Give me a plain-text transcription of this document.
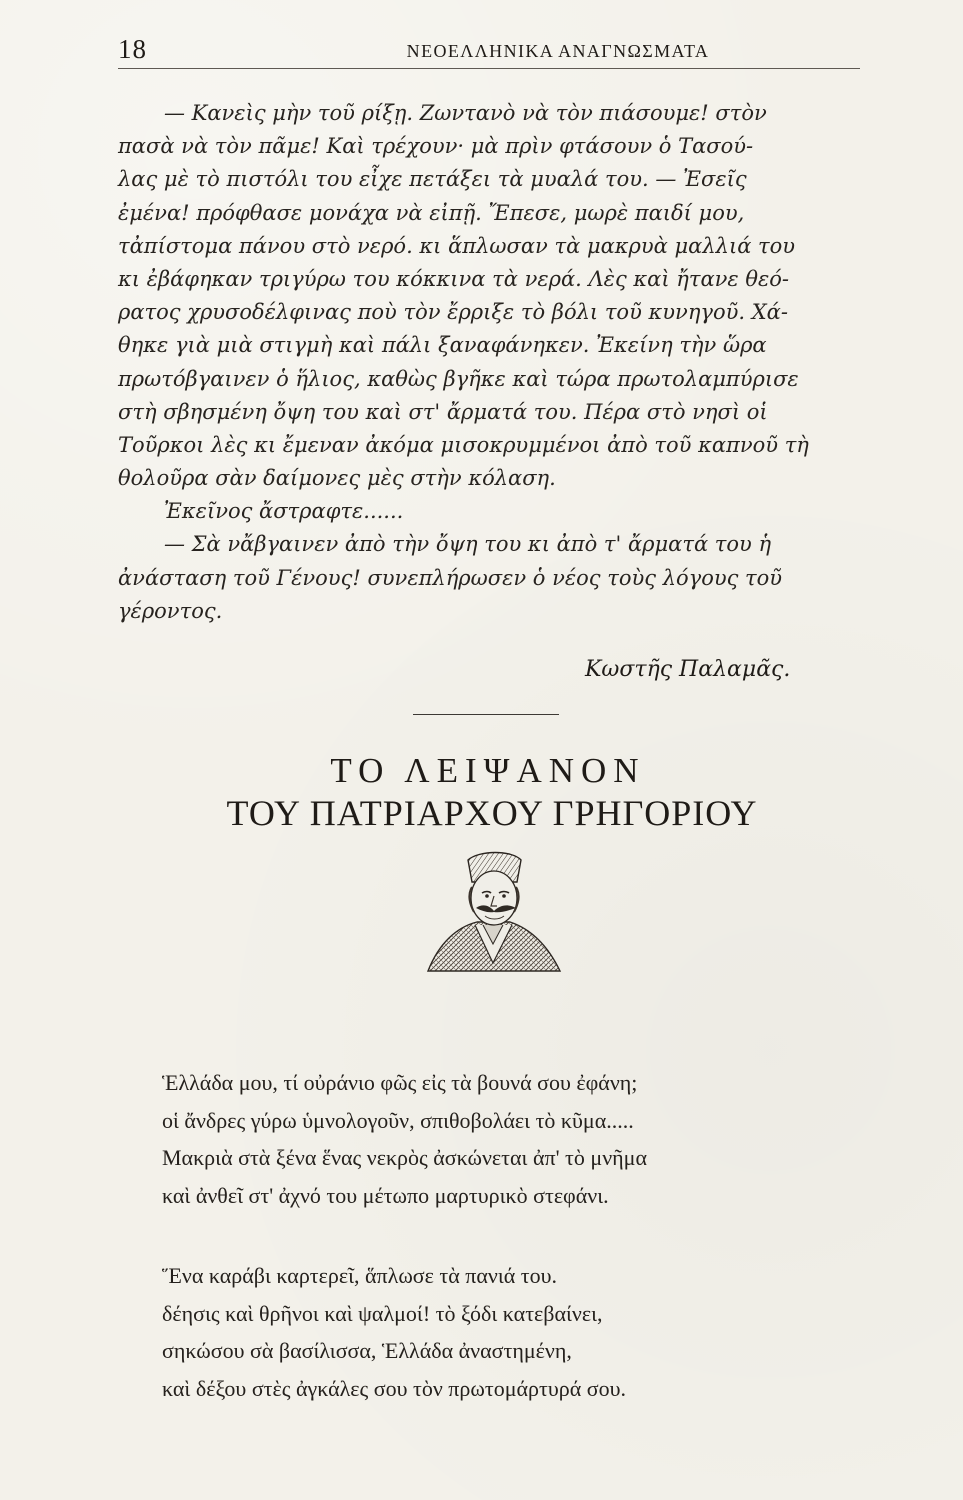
18	ΝΕΟΕΛΛΗΝΙΚΑ ΑΝΑΓΝΩΣΜΑΤΑ
— Κανεὶς μὴν τοῦ ρίξῃ. Ζωντανὸ νὰ τὸν πιάσουμε! στὸν
πασὰ νὰ τὸν πᾶμε! Καὶ τρέχουν· μὰ πρὶν φτάσουν ὁ Τασού-
λας μὲ τὸ πιστόλι του εἶχε πετάξει τὰ μυαλά του. — Ἐσεῖς
ἐμένα! πρόφθασε μονάχα νὰ εἰπῇ. Ἔπεσε, μωρὲ παιδί μου,
τἀπίστομα πάνου στὸ νερό. κι ἅπλωσαν τὰ μακρυὰ μαλλιά του
κι ἐβάφηκαν τριγύρω του κόκκινα τὰ νερά. Λὲς καὶ ἤτανε θεό-
ρατος χρυσοδέλφινας ποὺ τὸν ἔρριξε τὸ βόλι τοῦ κυνηγοῦ. Χά-
θηκε γιὰ μιὰ στιγμὴ καὶ πάλι ξαναφάνηκεν. Ἐκείνη τὴν ὥρα
πρωτόβγαινεν ὁ ἥλιος, καθὼς βγῆκε καὶ τώρα πρωτολαμπύρισε
στὴ σβησμένη ὄψη του καὶ στ' ἄρματά του. Πέρα στὸ νησὶ οἱ
Τοῦρκοι λὲς κι ἔμεναν ἀκόμα μισοκρυμμένοι ἀπὸ τοῦ καπνοῦ τὴ
θολοῦρα σὰν δαίμονες μὲς στὴν κόλαση.
Ἐκεῖνος ἄστραφτε......
— Σὰ νἄβγαινεν ἀπὸ τὴν ὄψη του κι ἀπὸ τ' ἄρματά του ἡ
ἀνάσταση τοῦ Γένους! συνεπλήρωσεν ὁ νέος τοὺς λόγους τοῦ
γέροντος.
Κωστῆς Παλαμᾶς.
ΤΟ ΛΕΙΨΑΝΟΝ
ΤΟΥ ΠΑΤΡΙΑΡΧΟΥ ΓΡΗΓΟΡΙΟΥ
Ἑλλάδα μου, τί οὐράνιο φῶς εἰς τὰ βουνά σου ἐφάνη;
οἱ ἄνδρες γύρω ὑμνολογοῦν, σπιθοβολάει τὸ κῦμα.....
Μακριὰ στὰ ξένα ἕνας νεκρὸς ἀσκώνεται ἀπ' τὸ μνῆμα
καὶ ἀνθεῖ στ' ἀχνό του μέτωπο μαρτυρικὸ στεφάνι.
Ἕνα καράβι καρτερεῖ, ἅπλωσε τὰ πανιά του.
δέησις καὶ θρῆνοι καὶ ψαλμοί! τὸ ξόδι κατεβαίνει,
σηκώσου σὰ βασίλισσα, Ἑλλάδα ἀναστημένη,
καὶ δέξου στὲς ἀγκάλες σου τὸν πρωτομάρτυρά σου.
